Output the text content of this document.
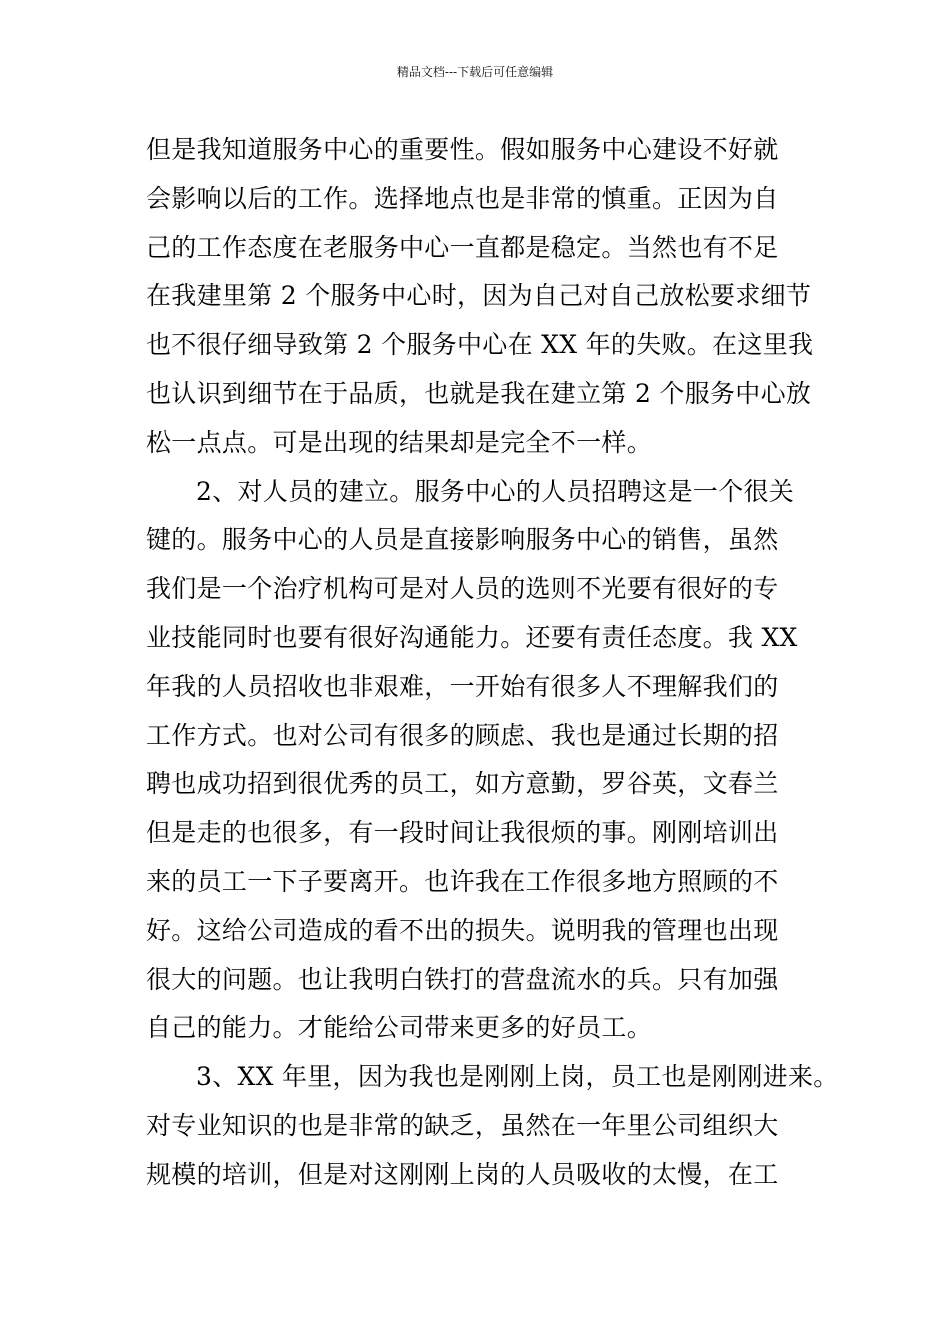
精品文档---下载后可任意编辑
但是我知道服务中心的重要性。假如服务中心建设不好就
会影响以后的工作。选择地点也是非常的慎重。正因为自
己的工作态度在老服务中心一直都是稳定。当然也有不足
在我建里第 2 个服务中心时，因为自己对自己放松要求细节
也不很仔细导致第 2 个服务中心在 XX 年的失败。在这里我
也认识到细节在于品质，也就是我在建立第 2 个服务中心放
松一点点。可是出现的结果却是完全不一样。
2、对人员的建立。服务中心的人员招聘这是一个很关
键的。服务中心的人员是直接影响服务中心的销售，虽然
我们是一个治疗机构可是对人员的选则不光要有很好的专
业技能同时也要有很好沟通能力。还要有责任态度。我 XX
年我的人员招收也非艰难，一开始有很多人不理解我们的
工作方式。也对公司有很多的顾虑、我也是通过长期的招
聘也成功招到很优秀的员工，如方意勤，罗谷英，文春兰
但是走的也很多，有一段时间让我很烦的事。刚刚培训出
来的员工一下子要离开。也许我在工作很多地方照顾的不
好。这给公司造成的看不出的损失。说明我的管理也出现
很大的问题。也让我明白铁打的营盘流水的兵。只有加强
自己的能力。才能给公司带来更多的好员工。
3、XX 年里，因为我也是刚刚上岗，员工也是刚刚进来。
对专业知识的也是非常的缺乏，虽然在一年里公司组织大
规模的培训，但是对这刚刚上岗的人员吸收的太慢，在工
